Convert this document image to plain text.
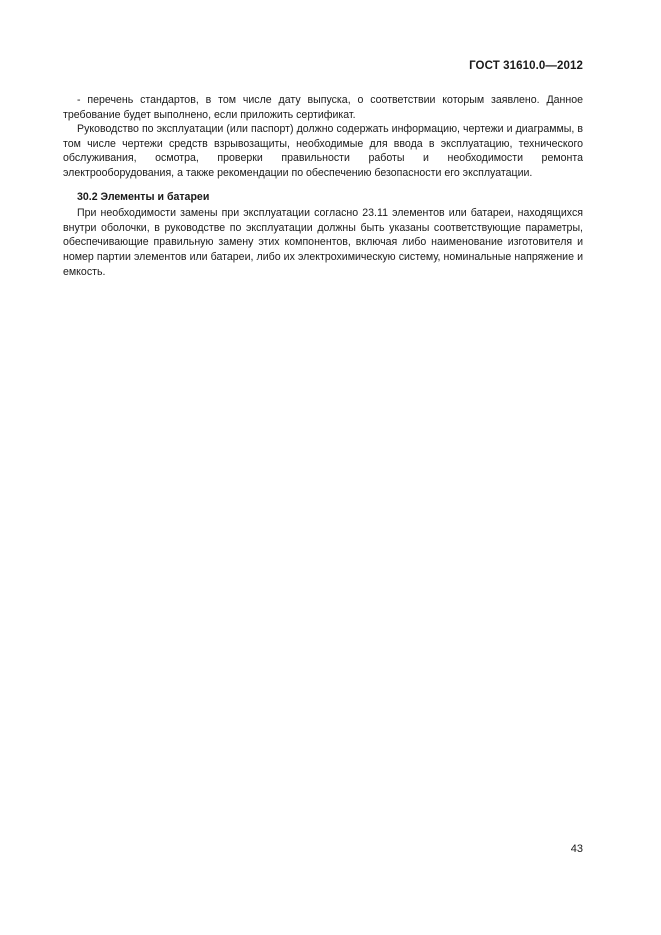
ГОСТ 31610.0—2012

- перечень стандартов, в том числе дату выпуска, о соответствии которым заявлено. Данное требование будет выполнено, если приложить сертификат.

Руководство по эксплуатации (или паспорт) должно содержать информацию, чертежи и диаграммы, в том числе чертежи средств взрывозащиты, необходимые для ввода в эксплуатацию, технического обслуживания, осмотра, проверки правильности работы и необходимости ремонта электрооборудования, а также рекомендации по обеспечению безопасности его эксплуатации.

30.2 Элементы и батареи

При необходимости замены при эксплуатации согласно 23.11 элементов или батареи, находящихся внутри оболочки, в руководстве по эксплуатации должны быть указаны соответствующие параметры, обеспечивающие правильную замену этих компонентов, включая либо наименование изготовителя и номер партии элементов или батареи, либо их электрохимическую систему, номинальные напряжение и емкость.

43
